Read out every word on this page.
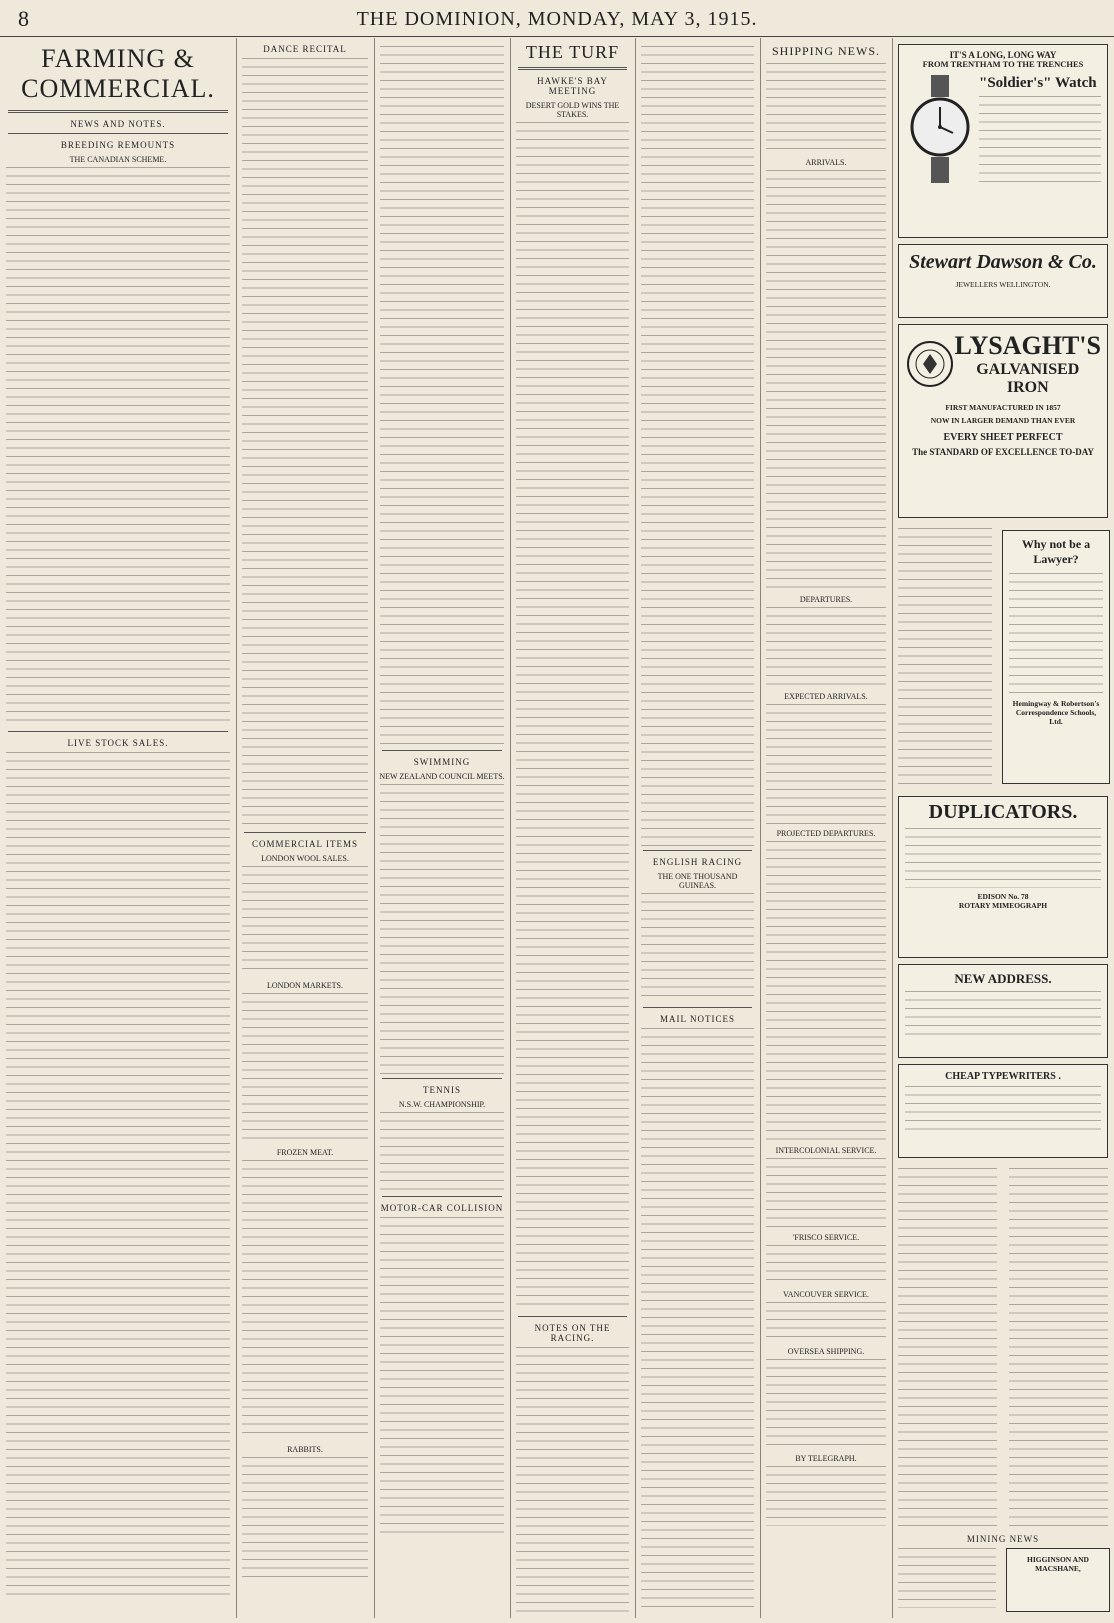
8	THE DOMINION, MONDAY, MAY 3, 1915.
FARMING & COMMERCIAL.
NEWS AND NOTES.
BREEDING REMOUNTS
THE CANADIAN SCHEME.
LIVE STOCK SALES.
DANCE RECITAL
COMMERCIAL ITEMS
LONDON WOOL SALES.
LONDON MARKETS.
FROZEN MEAT.
RABBITS.
SWIMMING
NEW ZEALAND COUNCIL MEETS.
TENNIS
N.S.W. CHAMPIONSHIP.
MOTOR-CAR COLLISION
THE TURF
HAWKE'S BAY MEETING
DESERT GOLD WINS THE STAKES.
NOTES ON THE RACING.
ENGLISH RACING
THE ONE THOUSAND GUINEAS.
MAIL NOTICES
SHIPPING NEWS.
ARRIVALS.
DEPARTURES.
EXPECTED ARRIVALS.
PROJECTED DEPARTURES.
INTERCOLONIAL SERVICE.
'FRISCO SERVICE.
VANCOUVER SERVICE.
OVERSEA SHIPPING.
BY TELEGRAPH.
IT'S A LONG, LONG WAY
FROM TRENTHAM TO THE TRENCHES
"Soldier's" Watch
Stewart Dawson & Co.
JEWELLERS WELLINGTON.
LYSAGHT'S
GALVANISED
IRON
FIRST MANUFACTURED IN 1857
NOW IN LARGER DEMAND THAN EVER
EVERY SHEET PERFECT
The STANDARD OF EXCELLENCE TO-DAY
Why not be a Lawyer?
Hemingway & Robertson's Correspondence Schools, Ltd.
DUPLICATORS.
EDISON No. 78
ROTARY MIMEOGRAPH
NEW ADDRESS.
CHEAP TYPEWRITERS .
MINING NEWS
HIGGINSON AND MACSHANE,
